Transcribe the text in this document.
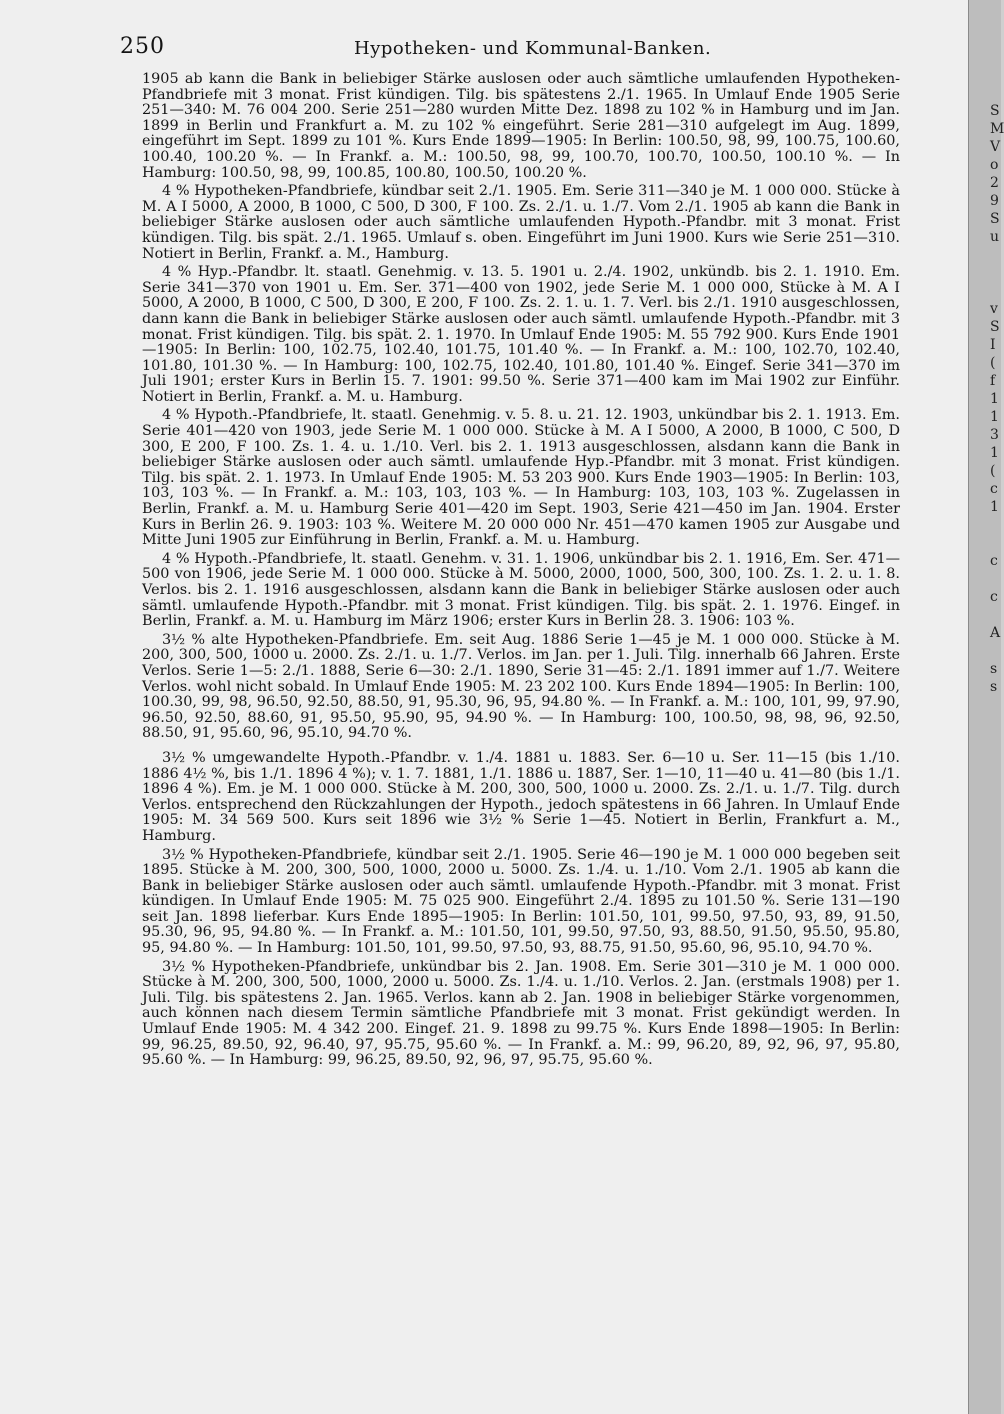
250	Hypotheken- und Kommunal-Banken.

1905 ab kann die Bank in beliebiger Stärke auslosen oder auch sämtliche umlaufenden Hypotheken-Pfandbriefe mit 3 monat. Frist kündigen. Tilg. bis spätestens 2./1. 1965. In Umlauf Ende 1905 Serie 251—340: M. 76 004 200. Serie 251—280 wurden Mitte Dez. 1898 zu 102 % in Hamburg und im Jan. 1899 in Berlin und Frankfurt a. M. zu 102 % eingeführt. Serie 281—310 aufgelegt im Aug. 1899, eingeführt im Sept. 1899 zu 101 %. Kurs Ende 1899—1905: In Berlin: 100.50, 98, 99, 100.75, 100.60, 100.40, 100.20 %. — In Frankf. a. M.: 100.50, 98, 99, 100.70, 100.70, 100.50, 100.10 %. — In Hamburg: 100.50, 98, 99, 100.85, 100.80, 100.50, 100.20 %.

4 % Hypotheken-Pfandbriefe, kündbar seit 2./1. 1905. Em. Serie 311—340 je M. 1 000 000. Stücke à M. A I 5000, A 2000, B 1000, C 500, D 300, F 100. Zs. 2./1. u. 1./7. Vom 2./1. 1905 ab kann die Bank in beliebiger Stärke auslosen oder auch sämtliche umlaufenden Hypoth.-Pfandbr. mit 3 monat. Frist kündigen. Tilg. bis spät. 2./1. 1965. Umlauf s. oben. Eingeführt im Juni 1900. Kurs wie Serie 251—310. Notiert in Berlin, Frankf. a. M., Hamburg.

4 % Hyp.-Pfandbr. lt. staatl. Genehmig. v. 13. 5. 1901 u. 2./4. 1902, unkündb. bis 2. 1. 1910. Em. Serie 341—370 von 1901 u. Em. Ser. 371—400 von 1902, jede Serie M. 1 000 000, Stücke à M. A I 5000, A 2000, B 1000, C 500, D 300, E 200, F 100. Zs. 2. 1. u. 1. 7. Verl. bis 2./1. 1910 ausgeschlossen, dann kann die Bank in beliebiger Stärke auslosen oder auch sämtl. umlaufende Hypoth.-Pfandbr. mit 3 monat. Frist kündigen. Tilg. bis spät. 2. 1. 1970. In Umlauf Ende 1905: M. 55 792 900. Kurs Ende 1901—1905: In Berlin: 100, 102.75, 102.40, 101.75, 101.40 %. — In Frankf. a. M.: 100, 102.70, 102.40, 101.80, 101.30 %. — In Hamburg: 100, 102.75, 102.40, 101.80, 101.40 %. Eingef. Serie 341—370 im Juli 1901; erster Kurs in Berlin 15. 7. 1901: 99.50 %. Serie 371—400 kam im Mai 1902 zur Einführ. Notiert in Berlin, Frankf. a. M. u. Hamburg.

4 % Hypoth.-Pfandbriefe, lt. staatl. Genehmig. v. 5. 8. u. 21. 12. 1903, unkündbar bis 2. 1. 1913. Em. Serie 401—420 von 1903, jede Serie M. 1 000 000. Stücke à M. A I 5000, A 2000, B 1000, C 500, D 300, E 200, F 100. Zs. 1. 4. u. 1./10. Verl. bis 2. 1. 1913 ausgeschlossen, alsdann kann die Bank in beliebiger Stärke auslosen oder auch sämtl. umlaufende Hyp.-Pfandbr. mit 3 monat. Frist kündigen. Tilg. bis spät. 2. 1. 1973. In Umlauf Ende 1905: M. 53 203 900. Kurs Ende 1903—1905: In Berlin: 103, 103, 103 %. — In Frankf. a. M.: 103, 103, 103 %. — In Hamburg: 103, 103, 103 %. Zugelassen in Berlin, Frankf. a. M. u. Hamburg Serie 401—420 im Sept. 1903, Serie 421—450 im Jan. 1904. Erster Kurs in Berlin 26. 9. 1903: 103 %. Weitere M. 20 000 000 Nr. 451—470 kamen 1905 zur Ausgabe und Mitte Juni 1905 zur Einführung in Berlin, Frankf. a. M. u. Hamburg.

4 % Hypoth.-Pfandbriefe, lt. staatl. Genehm. v. 31. 1. 1906, unkündbar bis 2. 1. 1916, Em. Ser. 471—500 von 1906, jede Serie M. 1 000 000. Stücke à M. 5000, 2000, 1000, 500, 300, 100. Zs. 1. 2. u. 1. 8. Verlos. bis 2. 1. 1916 ausgeschlossen, alsdann kann die Bank in beliebiger Stärke auslosen oder auch sämtl. umlaufende Hypoth.-Pfandbr. mit 3 monat. Frist kündigen. Tilg. bis spät. 2. 1. 1976. Eingef. in Berlin, Frankf. a. M. u. Hamburg im März 1906; erster Kurs in Berlin 28. 3. 1906: 103 %.

3½ % alte Hypotheken-Pfandbriefe. Em. seit Aug. 1886 Serie 1—45 je M. 1 000 000. Stücke à M. 200, 300, 500, 1000 u. 2000. Zs. 2./1. u. 1./7. Verlos. im Jan. per 1. Juli. Tilg. innerhalb 66 Jahren. Erste Verlos. Serie 1—5: 2./1. 1888, Serie 6—30: 2./1. 1890, Serie 31—45: 2./1. 1891 immer auf 1./7. Weitere Verlos. wohl nicht sobald. In Umlauf Ende 1905: M. 23 202 100. Kurs Ende 1894—1905: In Berlin: 100, 100.30, 99, 98, 96.50, 92.50, 88.50, 91, 95.30, 96, 95, 94.80 %. — In Frankf. a. M.: 100, 101, 99, 97.90, 96.50, 92.50, 88.60, 91, 95.50, 95.90, 95, 94.90 %. — In Hamburg: 100, 100.50, 98, 98, 96, 92.50, 88.50, 91, 95.60, 96, 95.10, 94.70 %.

3½ % umgewandelte Hypoth.-Pfandbr. v. 1./4. 1881 u. 1883. Ser. 6—10 u. Ser. 11—15 (bis 1./10. 1886 4½ %, bis 1./1. 1896 4 %); v. 1. 7. 1881, 1./1. 1886 u. 1887, Ser. 1—10, 11—40 u. 41—80 (bis 1./1. 1896 4 %). Em. je M. 1 000 000. Stücke à M. 200, 300, 500, 1000 u. 2000. Zs. 2./1. u. 1./7. Tilg. durch Verlos. entsprechend den Rückzahlungen der Hypoth., jedoch spätestens in 66 Jahren. In Umlauf Ende 1905: M. 34 569 500. Kurs seit 1896 wie 3½ % Serie 1—45. Notiert in Berlin, Frankfurt a. M., Hamburg.

3½ % Hypotheken-Pfandbriefe, kündbar seit 2./1. 1905. Serie 46—190 je M. 1 000 000 begeben seit 1895. Stücke à M. 200, 300, 500, 1000, 2000 u. 5000. Zs. 1./4. u. 1./10. Vom 2./1. 1905 ab kann die Bank in beliebiger Stärke auslosen oder auch sämtl. umlaufende Hypoth.-Pfandbr. mit 3 monat. Frist kündigen. In Umlauf Ende 1905: M. 75 025 900. Eingeführt 2./4. 1895 zu 101.50 %. Serie 131—190 seit Jan. 1898 lieferbar. Kurs Ende 1895—1905: In Berlin: 101.50, 101, 99.50, 97.50, 93, 89, 91.50, 95.30, 96, 95, 94.80 %. — In Frankf. a. M.: 101.50, 101, 99.50, 97.50, 93, 88.50, 91.50, 95.50, 95.80, 95, 94.80 %. — In Hamburg: 101.50, 101, 99.50, 97.50, 93, 88.75, 91.50, 95.60, 96, 95.10, 94.70 %.

3½ % Hypotheken-Pfandbriefe, unkündbar bis 2. Jan. 1908. Em. Serie 301—310 je M. 1 000 000. Stücke à M. 200, 300, 500, 1000, 2000 u. 5000. Zs. 1./4. u. 1./10. Verlos. 2. Jan. (erstmals 1908) per 1. Juli. Tilg. bis spätestens 2. Jan. 1965. Verlos. kann ab 2. Jan. 1908 in beliebiger Stärke vorgenommen, auch können nach diesem Termin sämtliche Pfandbriefe mit 3 monat. Frist gekündigt werden. In Umlauf Ende 1905: M. 4 342 200. Eingef. 21. 9. 1898 zu 99.75 %. Kurs Ende 1898—1905: In Berlin: 99, 96.25, 89.50, 92, 96.40, 97, 95.75, 95.60 %. — In Frankf. a. M.: 99, 96.20, 89, 92, 96, 97, 95.80, 95.60 %. — In Hamburg: 99, 96.25, 89.50, 92, 96, 97, 95.75, 95.60 %.

S
M
V
o
2
9
S
u
v
S
I
(
f
1
1
3
1
(
c
1
c
c
A
s
s
